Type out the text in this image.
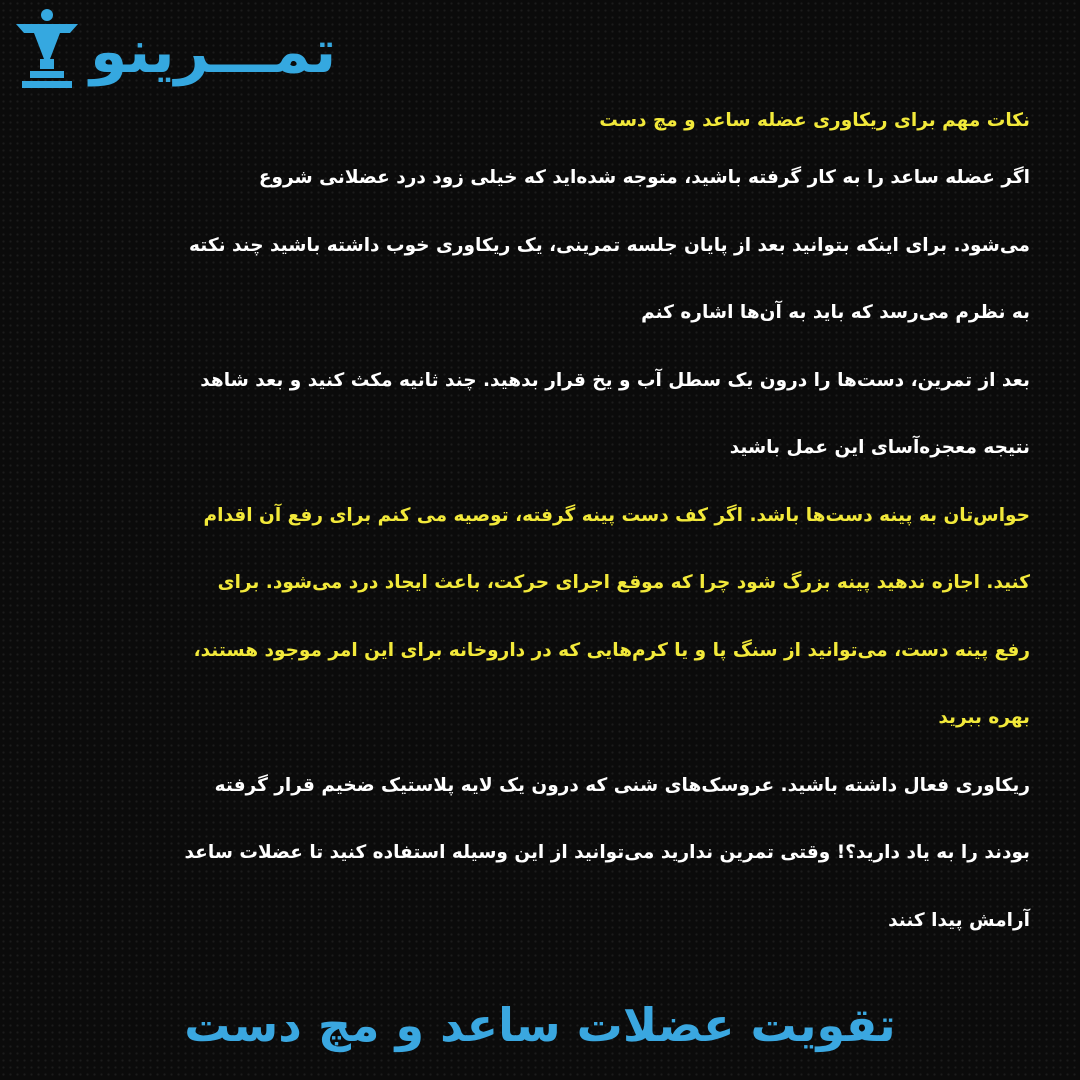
تمـــرینو

نکات مهم برای ریکاوری عضله ساعد و مچ دست

اگر عضله ساعد را به کار گرفته باشید، متوجه شده‌اید که خیلی زود درد عضلانی شروع

می‌شود. برای اینکه بتوانید بعد از پایان جلسه تمرینی، یک ریکاوری خوب داشته باشید چند نکته

به نظرم می‌رسد که باید به آن‌ها اشاره کنم

بعد از تمرین، دست‌ها را درون یک سطل آب و یخ قرار بدهید. چند ثانیه مکث کنید و بعد شاهد

نتیجه معجزه‌آسای این عمل باشید

حواس‌تان به پینه دست‌ها باشد. اگر کف دست پینه گرفته، توصیه می کنم برای رفع آن اقدام

کنید. اجازه ندهید پینه بزرگ شود چرا که موقع اجرای حرکت، باعث ایجاد درد می‌شود. برای

رفع پینه دست، می‌توانید از سنگ پا و یا کرم‌هایی که در داروخانه برای این امر موجود هستند،

بهره ببرید

ریکاوری فعال داشته باشید. عروسک‌های شنی که درون یک لایه پلاستیک ضخیم قرار گرفته

بودند را به یاد دارید؟! وقتی تمرین ندارید می‌توانید از این وسیله استفاده کنید تا عضلات ساعد

آرامش پیدا کنند

تقویت عضلات ساعد و مچ دست
